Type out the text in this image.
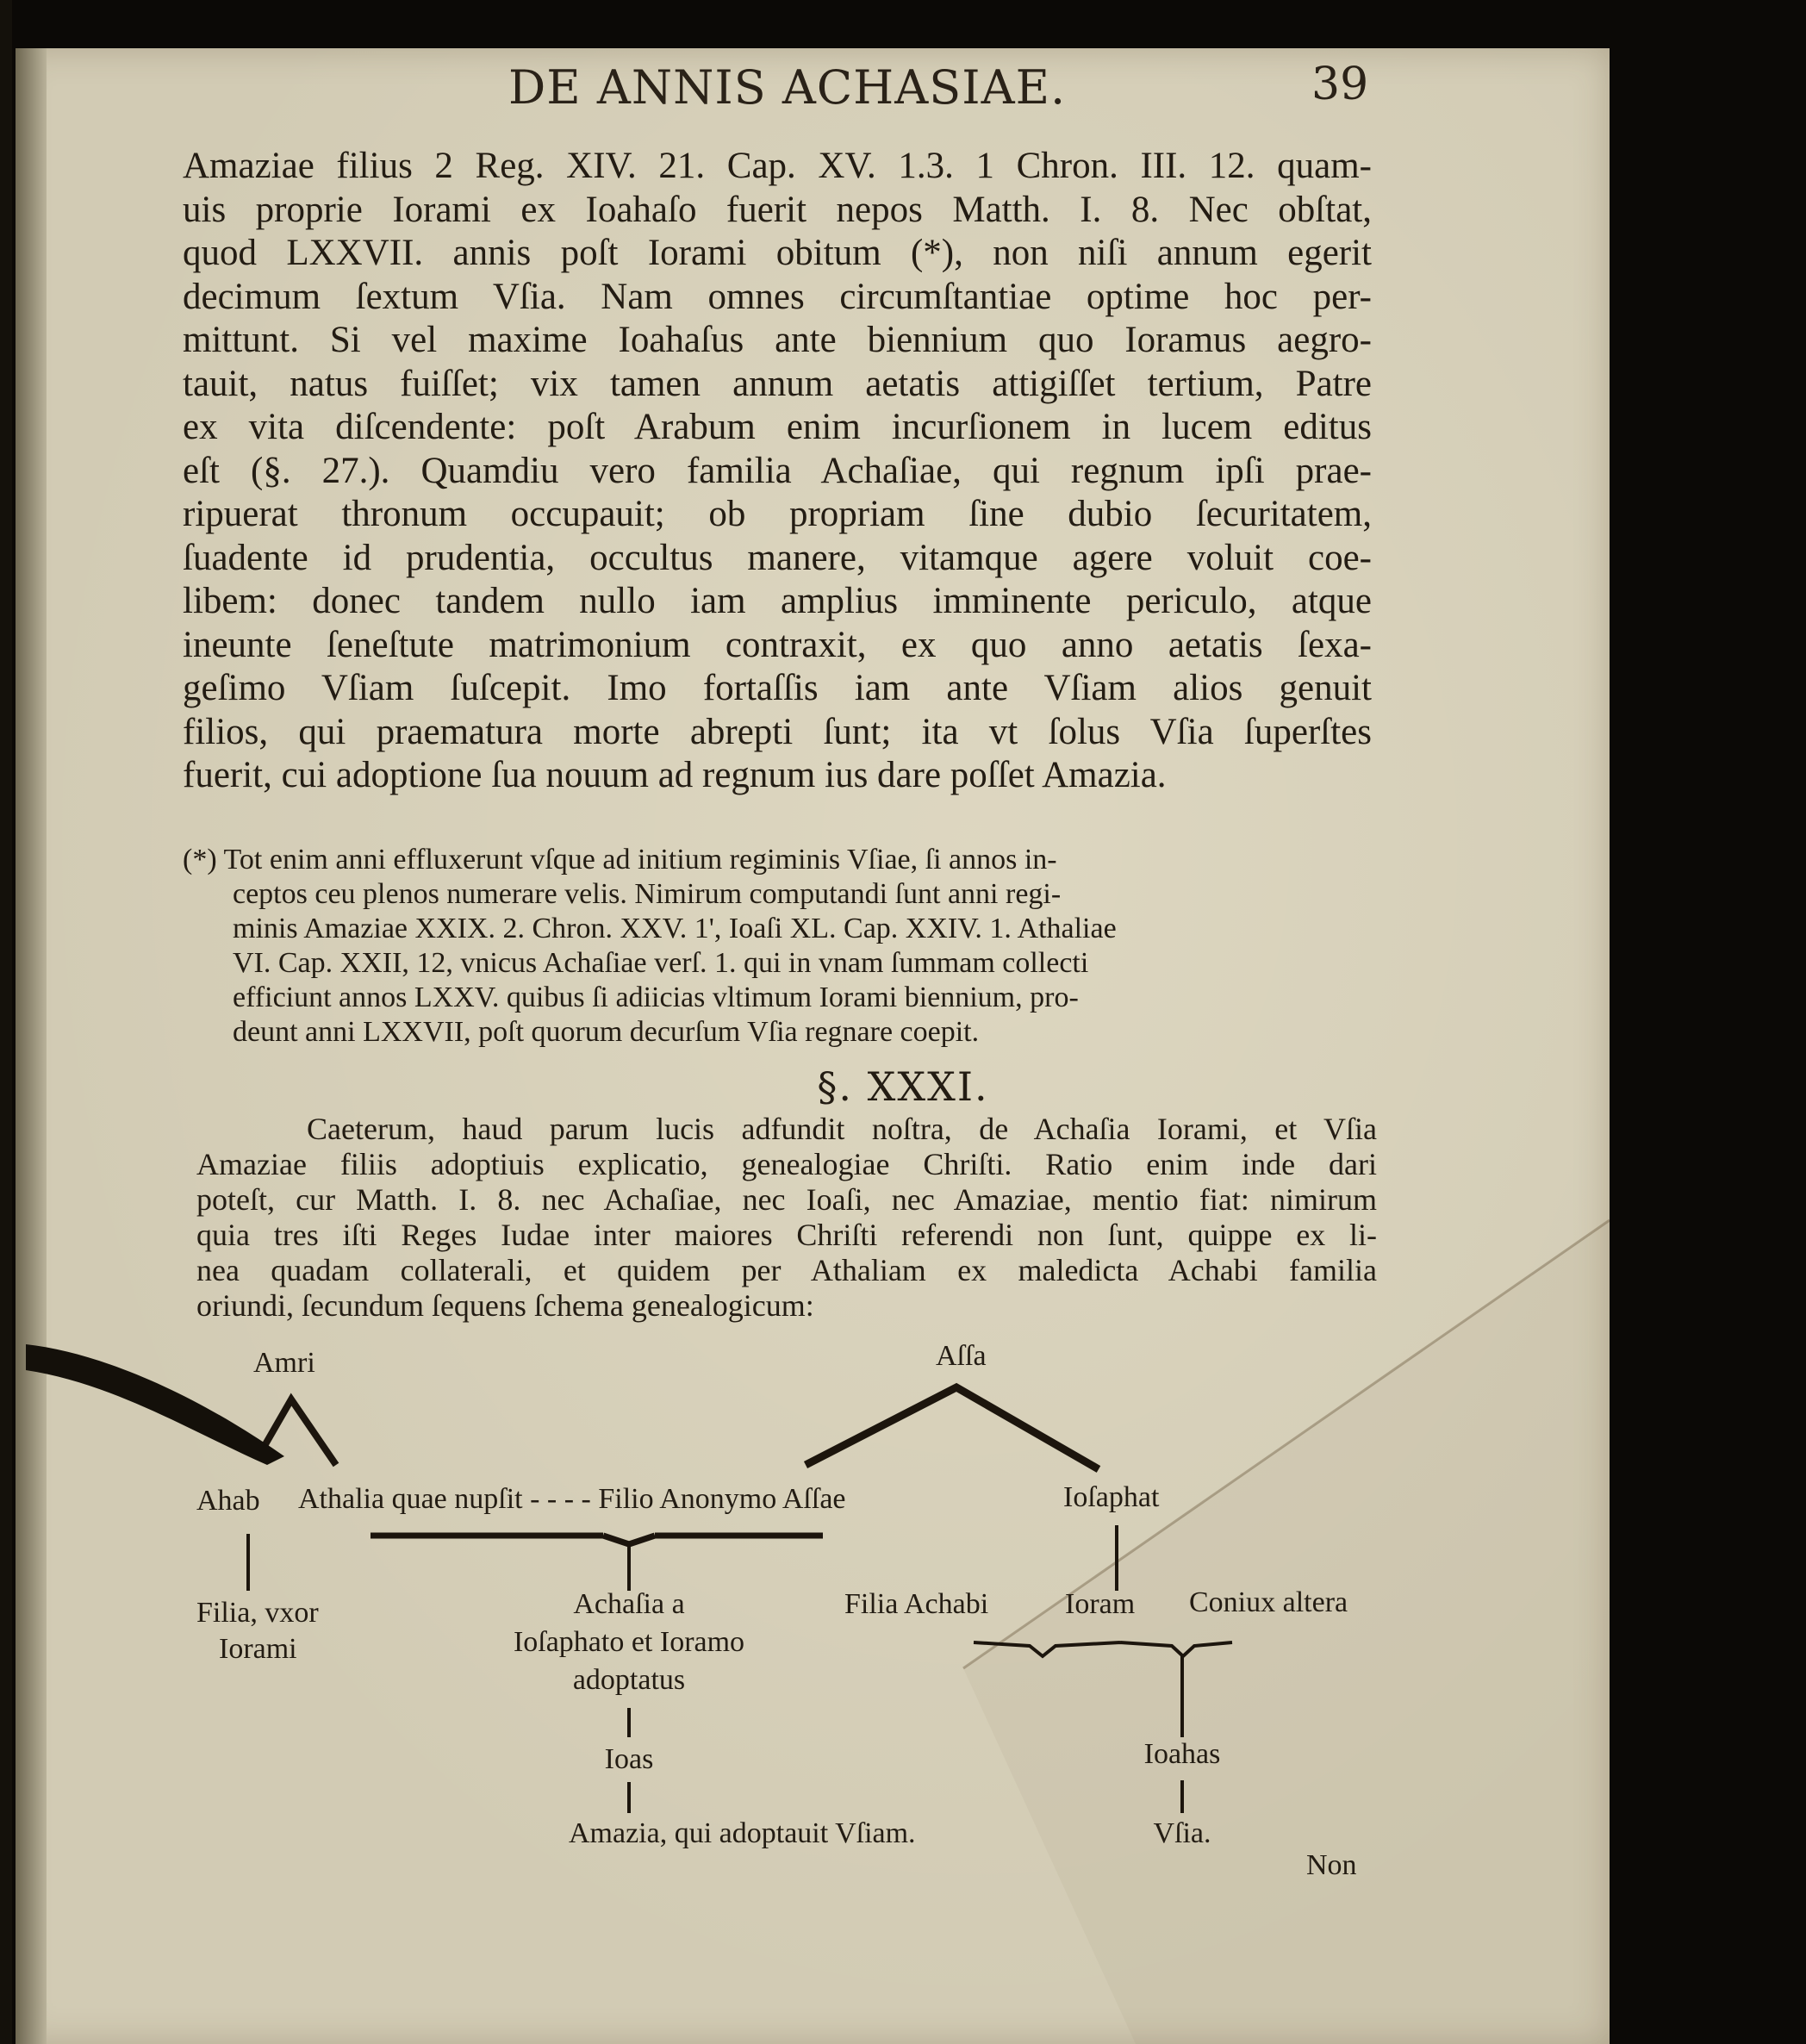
DE ANNIS ACHASIAE.	39
Amaziae filius 2 Reg. XIV. 21. Cap. XV. 1.3. 1 Chron. III. 12. quam-
uis proprie Iorami ex Ioahaſo fuerit nepos Matth. I. 8. Nec obſtat,
quod LXXVII. annis poſt Iorami obitum (*), non niſi annum egerit
decimum ſextum Vſia. Nam omnes circumſtantiae optime hoc per-
mittunt. Si vel maxime Ioahaſus ante biennium quo Ioramus aegro-
tauit, natus fuiſſet; vix tamen annum aetatis attigiſſet tertium, Patre
ex vita diſcendente: poſt Arabum enim incurſionem in lucem editus
eſt (§. 27.). Quamdiu vero familia Achaſiae, qui regnum ipſi prae-
ripuerat thronum occupauit; ob propriam ſine dubio ſecuritatem,
ſuadente id prudentia, occultus manere, vitamque agere voluit coe-
libem: donec tandem nullo iam amplius imminente periculo, atque
ineunte ſeneſtute matrimonium contraxit, ex quo anno aetatis ſexa-
geſimo Vſiam ſuſcepit. Imo fortaſſis iam ante Vſiam alios genuit
filios, qui praematura morte abrepti ſunt; ita vt ſolus Vſia ſuperſtes
fuerit, cui adoptione ſua nouum ad regnum ius dare poſſet Amazia.
(*) Tot enim anni effluxerunt vſque ad initium regiminis Vſiae, ſi annos in-
ceptos ceu plenos numerare velis. Nimirum computandi ſunt anni regi-
minis Amaziae XXIX. 2. Chron. XXV. 1', Ioaſi XL. Cap. XXIV. 1. Athaliae
VI. Cap. XXII, 12, vnicus Achaſiae verſ. 1. qui in vnam ſummam collecti
efficiunt annos LXXV. quibus ſi adiicias vltimum Iorami biennium, pro-
deunt anni LXXVII, poſt quorum decurſum Vſia regnare coepit.
§. XXXI.
Caeterum, haud parum lucis adfundit noſtra, de Achaſia Iorami, et Vſia
Amaziae filiis adoptiuis explicatio, genealogiae Chriſti. Ratio enim inde dari
poteſt, cur Matth. I. 8. nec Achaſiae, nec Ioaſi, nec Amaziae, mentio fiat: nimirum
quia tres iſti Reges Iudae inter maiores Chriſti referendi non ſunt, quippe ex li-
nea quadam collaterali, et quidem per Athaliam ex maledicta Achabi familia
oriundi, ſecundum ſequens ſchema genealogicum:
Amri	Aſſa
Ahab Athalia quae nupſit - - - - Filio Anonymo Aſſae	Ioſaphat
Filia, vxor
Iorami
Achaſia a
Ioſaphato et Ioramo
adoptatus
Filia Achabi	Ioram Coniux altera
Ioas	Ioahas
Amazia, qui adoptauit Vſiam.	Vſia.
Non
